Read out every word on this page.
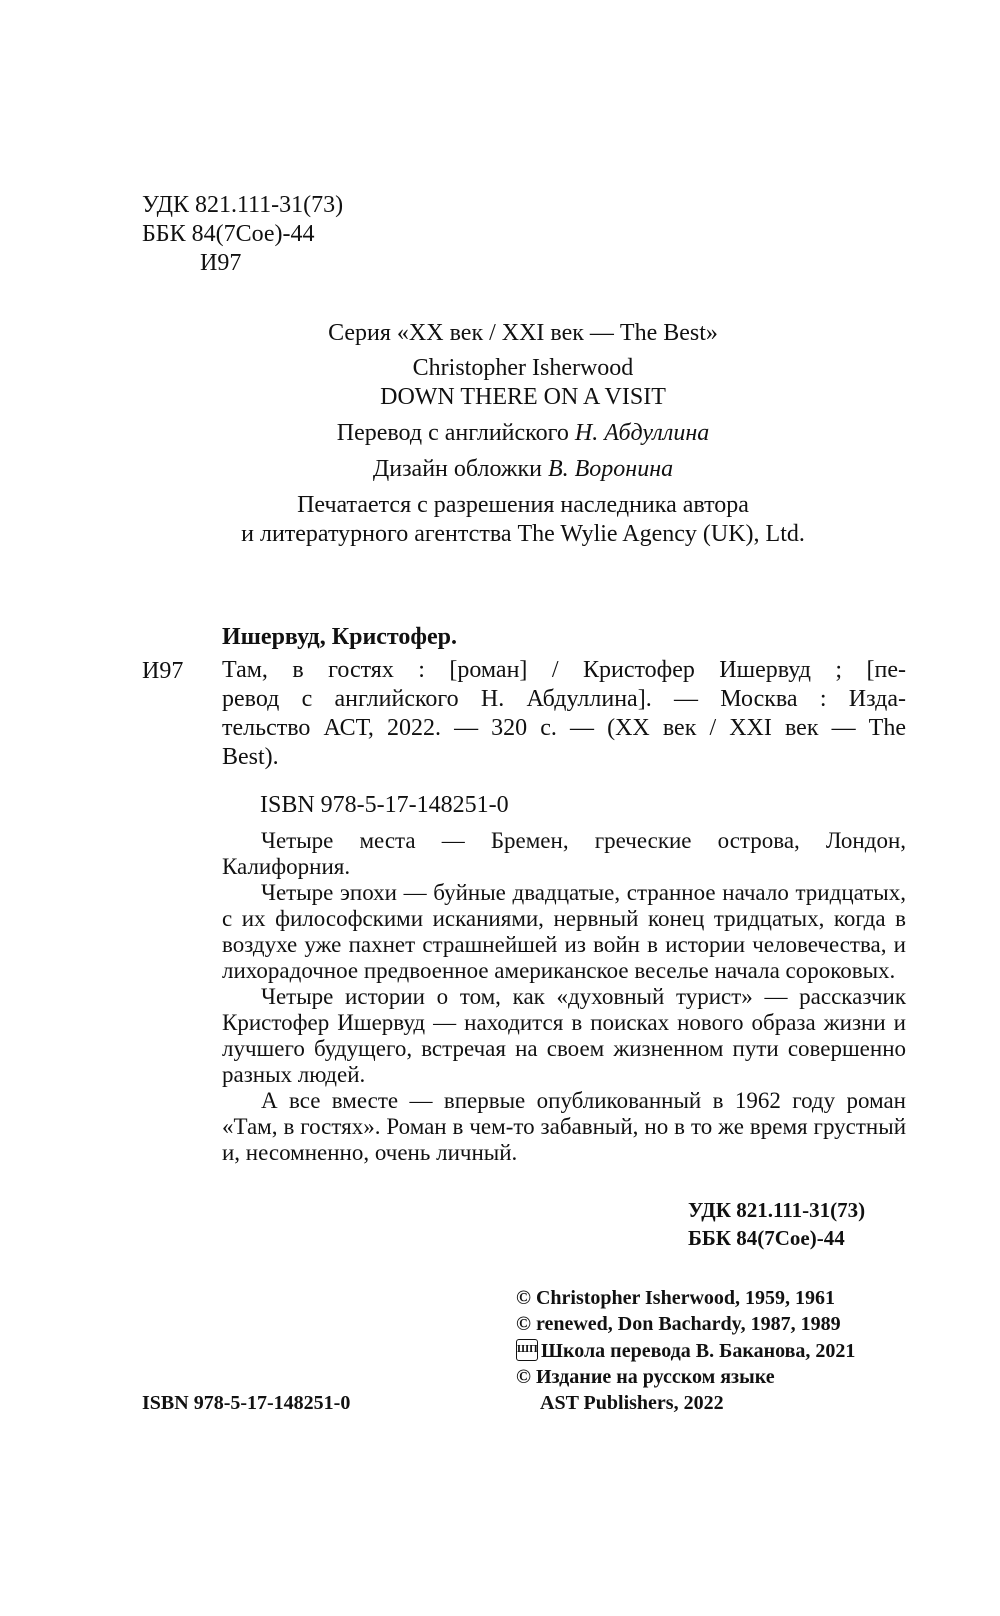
УДК 821.111-31(73)
ББК 84(7Сое)-44
И97
Серия «XX век / XXI век — The Best»
Christopher Isherwood
DOWN THERE ON A VISIT
Перевод с английского Н. Абдуллина
Дизайн обложки В. Воронина
Печатается с разрешения наследника автора
и литературного агентства The Wylie Agency (UK), Ltd.
Ишервуд, Кристофер.
И97 Там, в гостях : [роман] / Кристофер Ишервуд ; [пе-
ревод с английского Н. Абдуллина]. — Москва : Изда-
тельство АСТ, 2022. — 320 с. — (XX век / XXI век — The
Best).
ISBN 978-5-17-148251-0

Четыре места — Бремен, греческие острова, Лондон, Калифорния.

Четыре эпохи — буйные двадцатые, странное начало тридцатых, с их философскими исканиями, нервный конец тридцатых, когда в воздухе уже пахнет страшнейшей из войн в истории человечества, и лихорадочное предвоенное американское веселье начала сороковых.

Четыре истории о том, как «духовный турист» — рассказчик Кристофер Ишервуд — находится в поисках нового образа жизни и лучшего будущего, встречая на своем жизненном пути совершенно разных людей.

А все вместе — впервые опубликованный в 1962 году роман «Там, в гостях». Роман в чем-то забавный, но в то же время грустный и, несомненно, очень личный.

УДК 821.111-31(73)
ББК 84(7Сое)-44
© Christopher Isherwood, 1959, 1961
© renewed, Don Bachardy, 1987, 1989
ШП Школа перевода В. Баканова, 2021
© Издание на русском языке
AST Publishers, 2022
ISBN 978-5-17-148251-0
